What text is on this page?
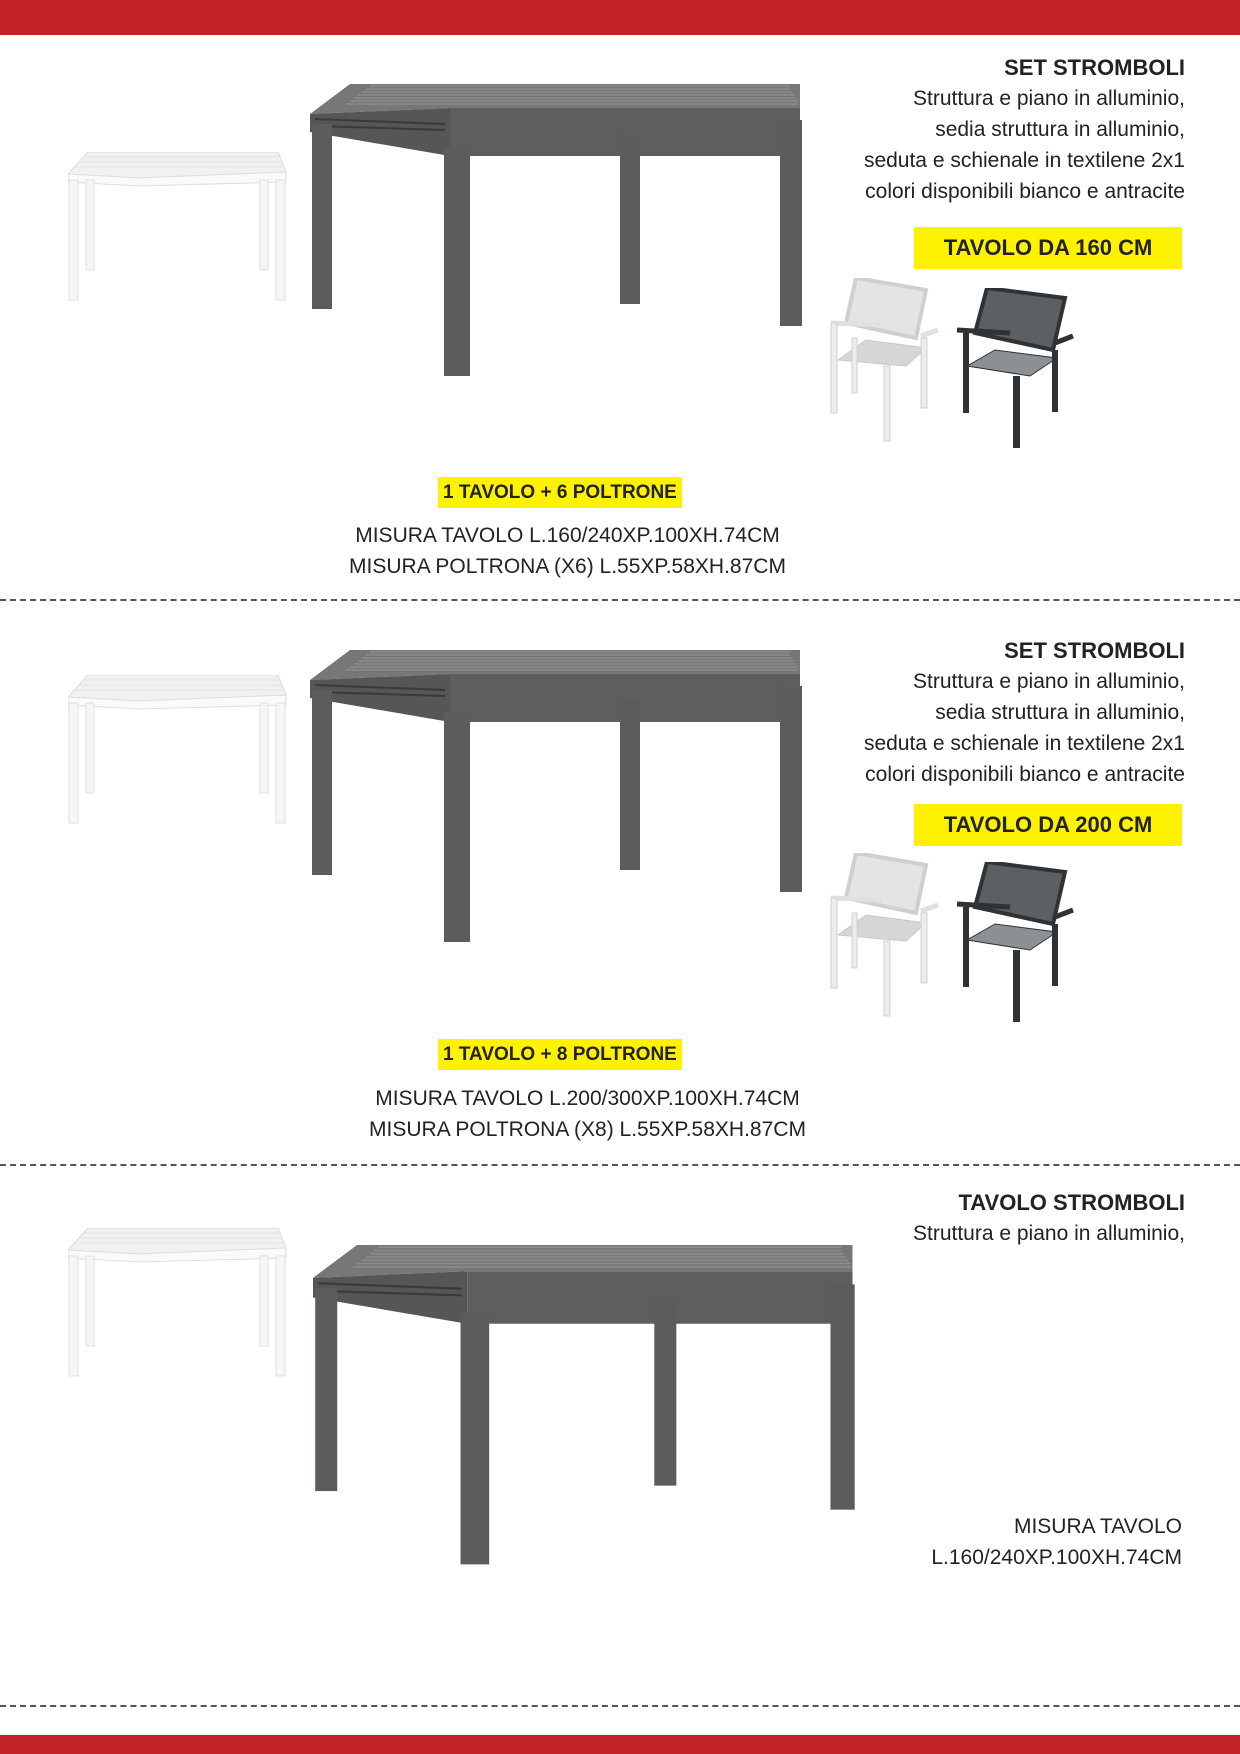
SET STROMBOLI
Struttura e piano in alluminio,
sedia struttura in alluminio,
seduta e schienale in textilene 2x1
colori disponibili bianco e antracite
TAVOLO DA 160 CM
1 TAVOLO + 6 POLTRONE
MISURA TAVOLO L.160/240XP.100XH.74CM
MISURA POLTRONA (X6) L.55XP.58XH.87CM
SET STROMBOLI
Struttura e piano in alluminio,
sedia struttura in alluminio,
seduta e schienale in textilene 2x1
colori disponibili bianco e antracite
TAVOLO DA 200 CM
1 TAVOLO + 8 POLTRONE
MISURA TAVOLO L.200/300XP.100XH.74CM
MISURA POLTRONA (X8) L.55XP.58XH.87CM
TAVOLO STROMBOLI
Struttura e piano in alluminio,
MISURA TAVOLO
L.160/240XP.100XH.74CM
